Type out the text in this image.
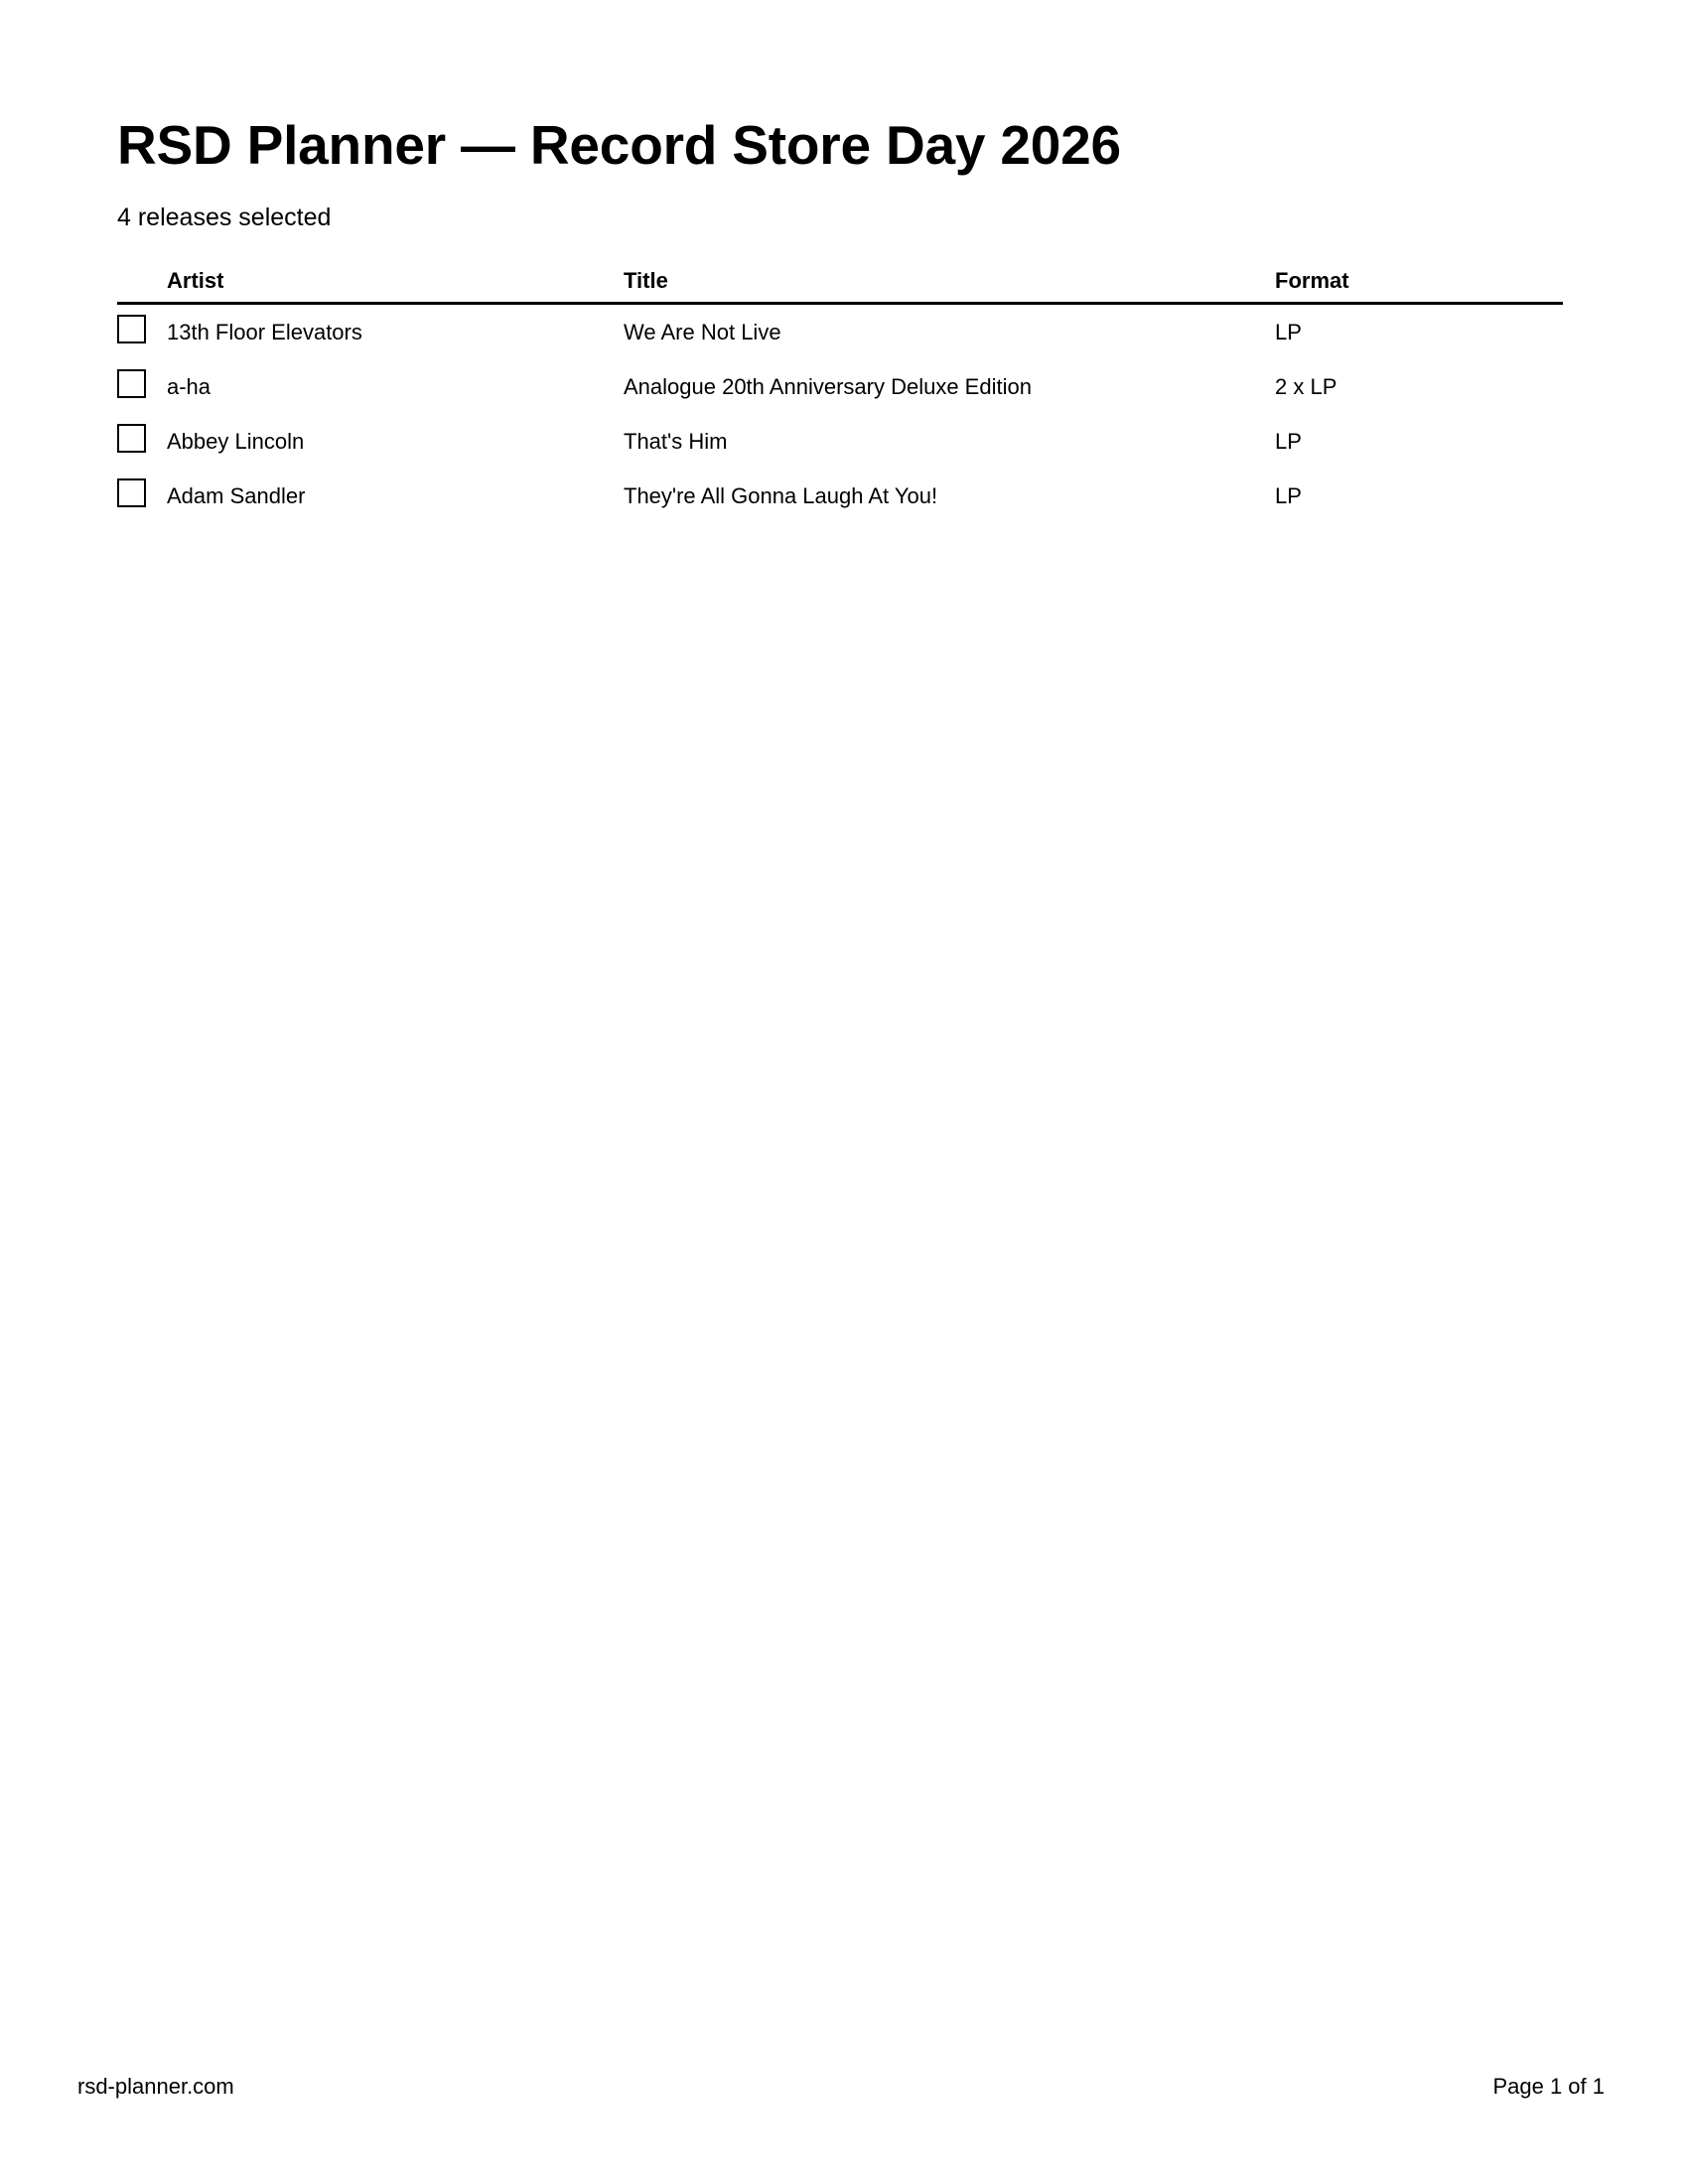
RSD Planner — Record Store Day 2026

4 releases selected

	Artist	Title	Format

	13th Floor Elevators	We Are Not Live	LP

	a-ha	Analogue 20th Anniversary Deluxe Edition	2 x LP

	Abbey Lincoln	That's Him	LP

	Adam Sandler	They're All Gonna Laugh At You!	LP
rsd-planner.com	Page 1 of 1
